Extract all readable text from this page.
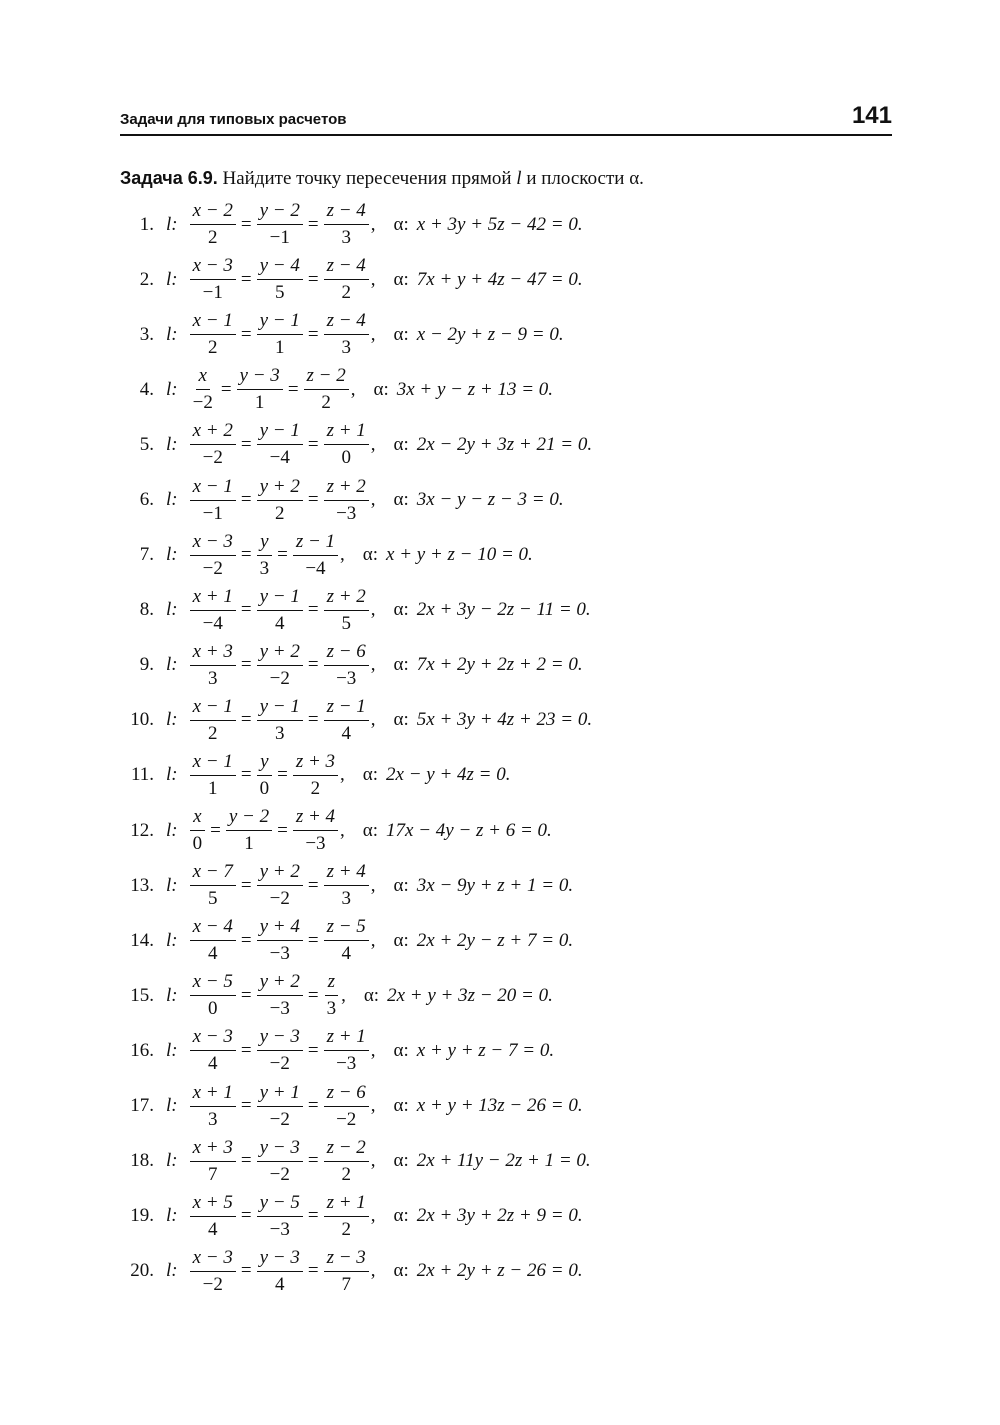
Задачи для типовых расчетов	141
Задача 6.9. Найдите точку пересечения прямой l и плоскости α.
1. l: $\frac{x - 2}{2} = \frac{y - 2}{-1} = \frac{z - 4}{3}$ , α: x + 3y + 5z − 42 = 0.
2. l: $\frac{x - 3}{-1} = \frac{y - 4}{5} = \frac{z - 4}{2}$ , α: 7x + y + 4z − 47 = 0.
3. l: $\frac{x - 1}{2} = \frac{y - 1}{1} = \frac{z - 4}{3}$ , α: x − 2y + z − 9 = 0.
4. l: $\frac{x}{-2} = \frac{y - 3}{1} = \frac{z - 2}{2}$ , α: 3x + y − z + 13 = 0.
5. l: $\frac{x + 2}{-2} = \frac{y - 1}{-4} = \frac{z + 1}{0}$ , α: 2x − 2y + 3z + 21 = 0.
6. l: $\frac{x - 1}{-1} = \frac{y + 2}{2} = \frac{z + 2}{-3}$ , α: 3x − y − z − 3 = 0.
7. l: $\frac{x - 3}{-2} = \frac{y}{3} = \frac{z - 1}{-4}$ , α: x + y + z − 10 = 0.
8. l: $\frac{x + 1}{-4} = \frac{y - 1}{4} = \frac{z + 2}{5}$ , α: 2x + 3y − 2z − 11 = 0.
9. l: $\frac{x + 3}{3} = \frac{y + 2}{-2} = \frac{z - 6}{-3}$ , α: 7x + 2y + 2z + 2 = 0.
10. l: $\frac{x - 1}{2} = \frac{y - 1}{3} = \frac{z - 1}{4}$ , α: 5x + 3y + 4z + 23 = 0.
11. l: $\frac{x - 1}{1} = \frac{y}{0} = \frac{z + 3}{2}$ , α: 2x − y + 4z = 0.
12. l: $\frac{x}{0} = \frac{y - 2}{1} = \frac{z + 4}{-3}$ , α: 17x − 4y − z + 6 = 0.
13. l: $\frac{x - 7}{5} = \frac{y + 2}{-2} = \frac{z + 4}{3}$ , α: 3x − 9y + z + 1 = 0.
14. l: $\frac{x - 4}{4} = \frac{y + 4}{-3} = \frac{z - 5}{4}$ , α: 2x + 2y − z + 7 = 0.
15. l: $\frac{x - 5}{0} = \frac{y + 2}{-3} = \frac{z}{3}$ , α: 2x + y + 3z − 20 = 0.
16. l: $\frac{x - 3}{4} = \frac{y - 3}{-2} = \frac{z + 1}{-3}$ , α: x + y + z − 7 = 0.
17. l: $\frac{x + 1}{3} = \frac{y + 1}{-2} = \frac{z - 6}{-2}$ , α: x + y + 13z − 26 = 0.
18. l: $\frac{x + 3}{7} = \frac{y - 3}{-2} = \frac{z - 2}{2}$ , α: 2x + 11y − 2z + 1 = 0.
19. l: $\frac{x + 5}{4} = \frac{y - 5}{-3} = \frac{z + 1}{2}$ , α: 2x + 3y + 2z + 9 = 0.
20. l: $\frac{x - 3}{-2} = \frac{y - 3}{4} = \frac{z - 3}{7}$ , α: 2x + 2y + z − 26 = 0.
